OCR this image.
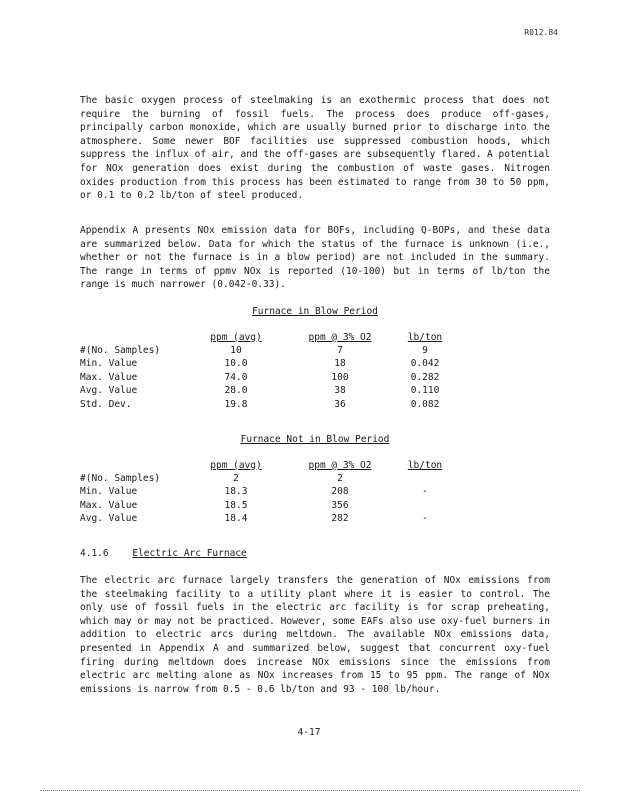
R012.84

The basic oxygen process of steelmaking is an exothermic process that does not require the burning of fossil fuels. The process does produce off-gases, principally carbon monoxide, which are usually burned prior to discharge into the atmosphere. Some newer BOF facilities use suppressed combustion hoods, which suppress the influx of air, and the off-gases are subsequently flared. A potential for NOx generation does exist during the combustion of waste gases. Nitrogen oxides production from this process has been estimated to range from 30 to 50 ppm, or 0.1 to 0.2 lb/ton of steel produced.

Appendix A presents NOx emission data for BOFs, including Q-BOPs, and these data are summarized below. Data for which the status of the furnace is unknown (i.e., whether or not the furnace is in a blow period) are not included in the summary. The range in terms of ppmv NOx is reported (10-100) but in terms of lb/ton the range is much narrower (0.042-0.33).

Furnace in Blow Period
ppm (avg)	ppm @ 3% O2	lb/ton
#(No. Samples)	10	7	9
Min. Value	10.0	18	0.042
Max. Value	74.0	100	0.282
Avg. Value	28.0	38	0.110
Std. Dev.	19.8	36	0.082
Furnace Not in Blow Period
ppm (avg)	ppm @ 3% O2	lb/ton
#(No. Samples)	2	2
Min. Value	18.3	208	-
Max. Value	18.5	356
Avg. Value	18.4	282	-
4.1.6 Electric Arc Furnace

The electric arc furnace largely transfers the generation of NOx emissions from the steelmaking facility to a utility plant where it is easier to control. The only use of fossil fuels in the electric arc facility is for scrap preheating, which may or may not be practiced. However, some EAFs also use oxy-fuel burners in addition to electric arcs during meltdown. The available NOx emissions data, presented in Appendix A and summarized below, suggest that concurrent oxy-fuel firing during meltdown does increase NOx emissions since the emissions from electric arc melting alone as NOx increases from 15 to 95 ppm. The range of NOx emissions is narrow from 0.5 - 0.6 lb/ton and 93 - 100 lb/hour.

4-17
